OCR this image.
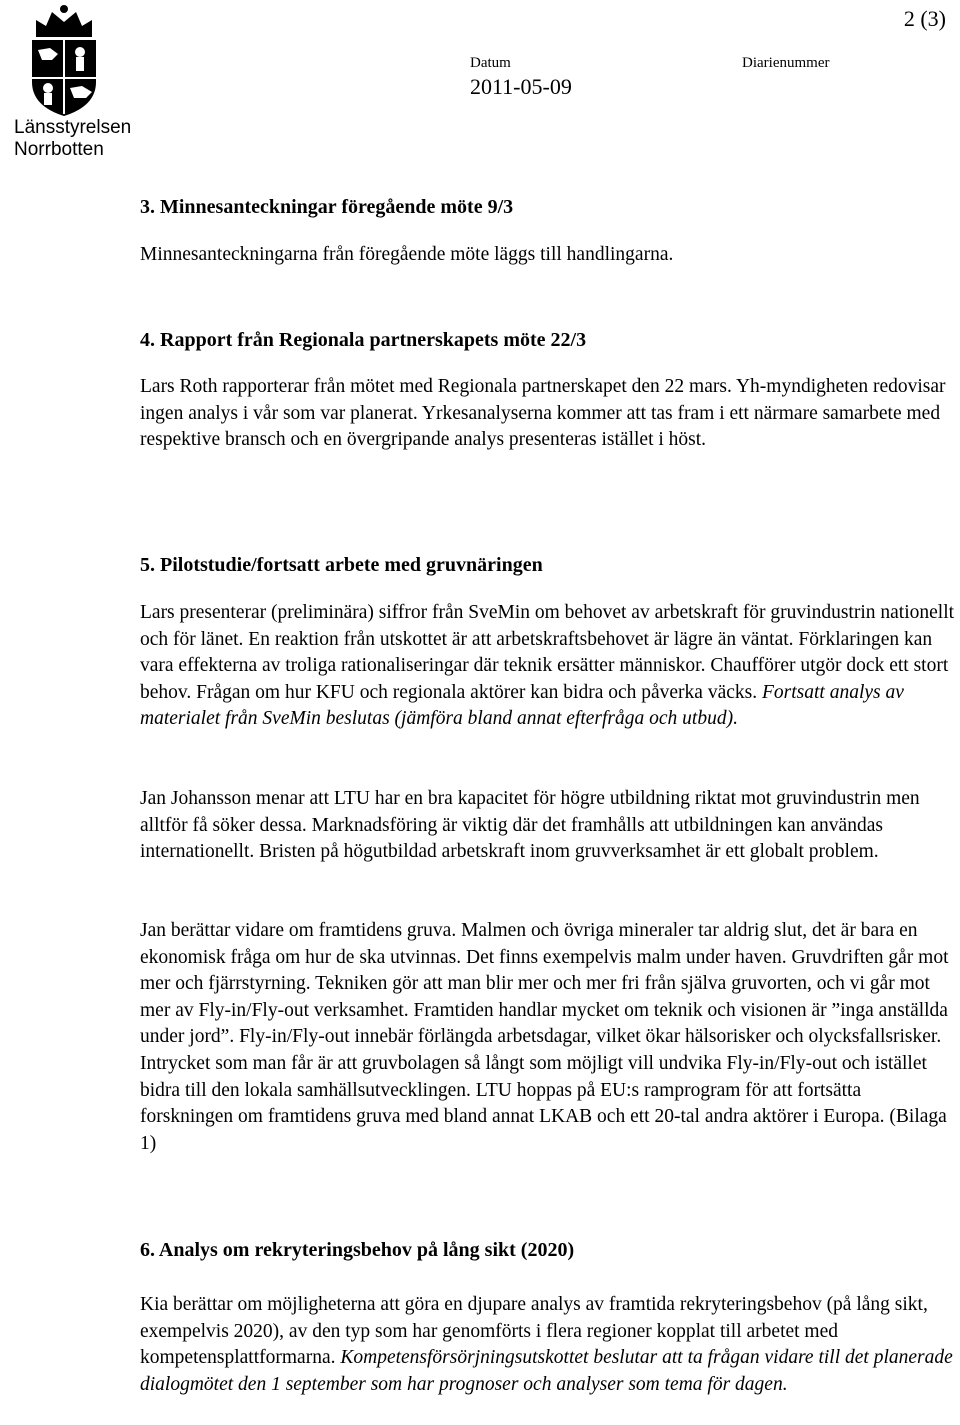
Länsstyrelsen
Norrbotten
2 (3)
Datum
2011-05-09
Diarienummer
3. Minnesanteckningar föregående möte 9/3

Minnesanteckningarna från föregående möte läggs till handlingarna.

4. Rapport från Regionala partnerskapets möte 22/3

Lars Roth rapporterar från mötet med Regionala partnerskapet den 22 mars. Yh-myndigheten redovisar ingen analys i vår som var planerat. Yrkesanalyserna kommer att tas fram i ett närmare samarbete med respektive bransch och en övergripande analys presenteras istället i höst.

5. Pilotstudie/fortsatt arbete med gruvnäringen

Lars presenterar (preliminära) siffror från SveMin om behovet av arbetskraft för gruvindustrin nationellt och för länet. En reaktion från utskottet är att arbetskraftsbehovet är lägre än väntat. Förklaringen kan vara effekterna av troliga rationaliseringar där teknik ersätter människor. Chaufförer utgör dock ett stort behov. Frågan om hur KFU och regionala aktörer kan bidra och påverka väcks. Fortsatt analys av materialet från SveMin beslutas (jämföra bland annat efterfråga och utbud).

Jan Johansson menar att LTU har en bra kapacitet för högre utbildning riktat mot gruvindustrin men alltför få söker dessa. Marknadsföring är viktig där det framhålls att utbildningen kan användas internationellt. Bristen på högutbildad arbetskraft inom gruvverksamhet är ett globalt problem.

Jan berättar vidare om framtidens gruva. Malmen och övriga mineraler tar aldrig slut, det är bara en ekonomisk fråga om hur de ska utvinnas. Det finns exempelvis malm under haven. Gruvdriften går mot mer och fjärrstyrning. Tekniken gör att man blir mer och mer fri från själva gruvorten, och vi går mot mer av Fly-in/Fly-out verksamhet. Framtiden handlar mycket om teknik och visionen är ”inga anställda under jord”. Fly-in/Fly-out innebär förlängda arbetsdagar, vilket ökar hälsorisker och olycksfallsrisker. Intrycket som man får är att gruvbolagen så långt som möjligt vill undvika Fly-in/Fly-out och istället bidra till den lokala samhällsutvecklingen. LTU hoppas på EU:s ramprogram för att fortsätta forskningen om framtidens gruva med bland annat LKAB och ett 20-tal andra aktörer i Europa. (Bilaga 1)

6. Analys om rekryteringsbehov på lång sikt (2020)

Kia berättar om möjligheterna att göra en djupare analys av framtida rekryteringsbehov (på lång sikt, exempelvis 2020), av den typ som har genomförts i flera regioner kopplat till arbetet med kompetensplattformarna. Kompetensförsörjningsutskottet beslutar att ta frågan vidare till det planerade dialogmötet den 1 september som har prognoser och analyser som tema för dagen.
